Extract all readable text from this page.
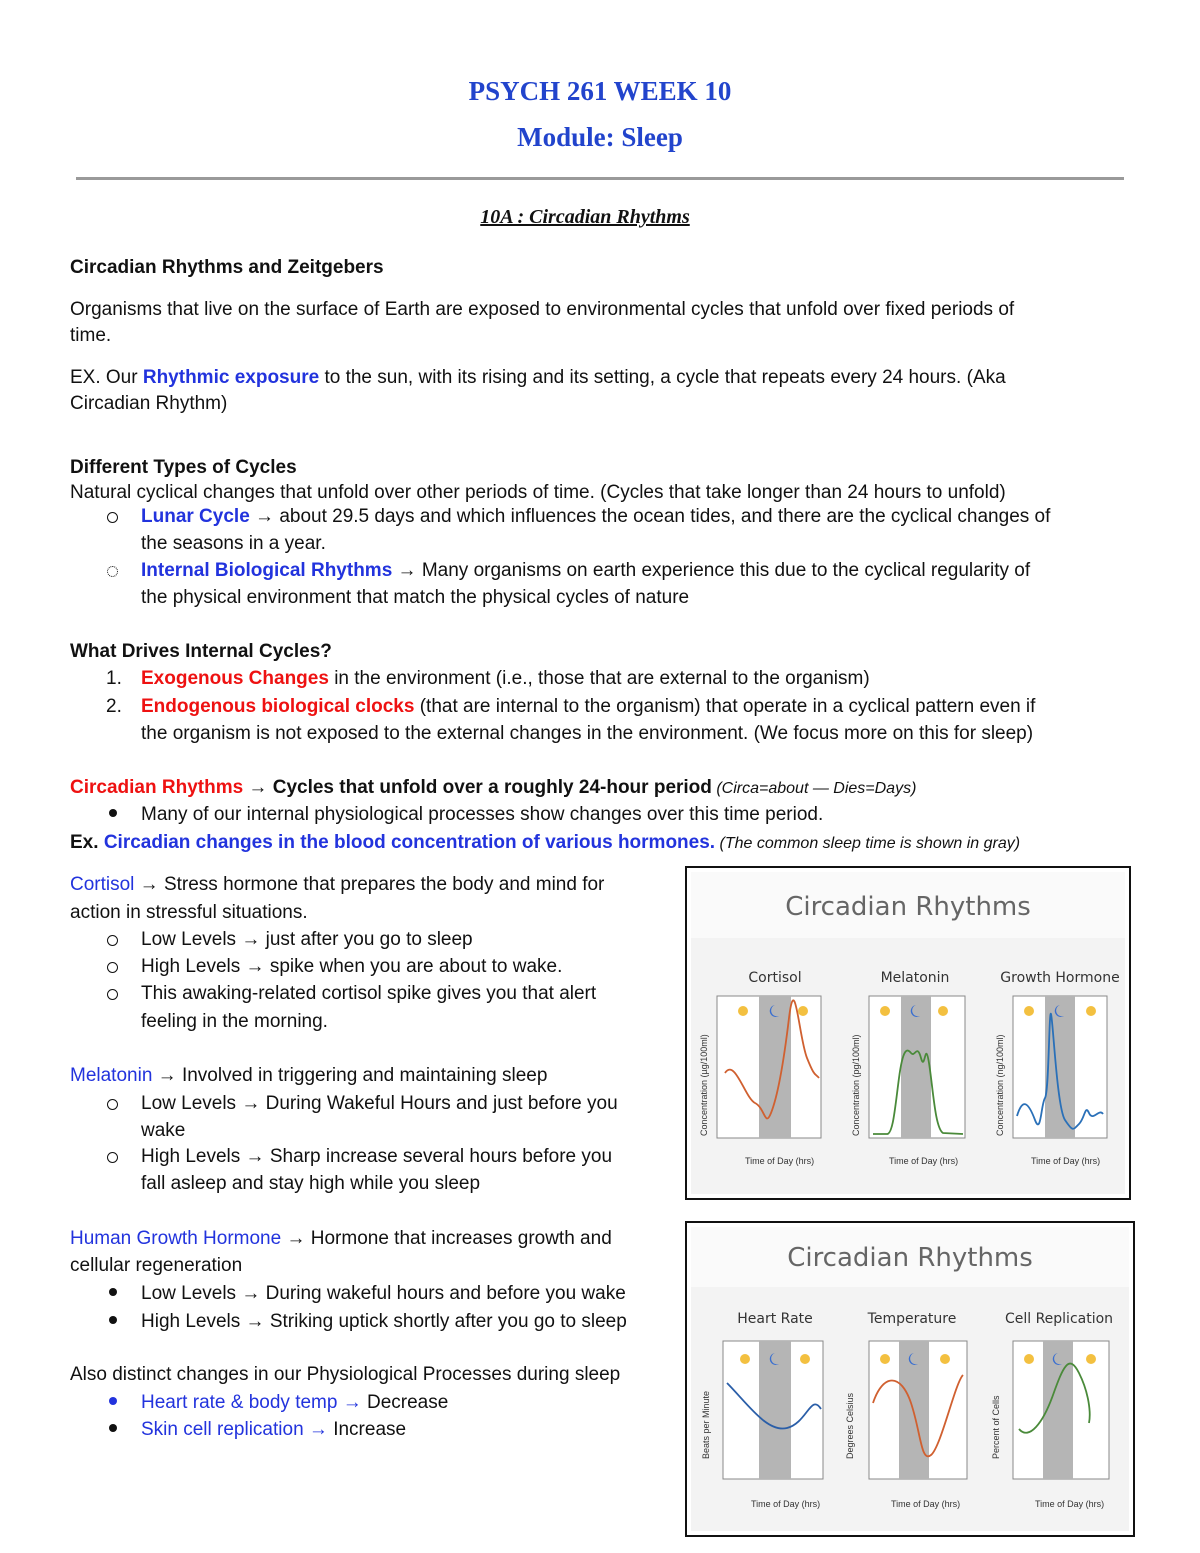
PSYCH 261 WEEK 10
Module: Sleep
10A : Circadian Rhythms
Circadian Rhythms and Zeitgebers
Organisms that live on the surface of Earth are exposed to environmental cycles that unfold over fixed periods of
time.
EX. Our Rhythmic exposure to the sun, with its rising and its setting, a cycle that repeats every 24 hours. (Aka
Circadian Rhythm)
Different Types of Cycles
Natural cyclical changes that unfold over other periods of time. (Cycles that take longer than 24 hours to unfold)
Lunar Cycle → about 29.5 days and which influences the ocean tides, and there are the cyclical changes of
the seasons in a year.
Internal Biological Rhythms → Many organisms on earth experience this due to the cyclical regularity of
the physical environment that match the physical cycles of nature
What Drives Internal Cycles?
1. Exogenous Changes in the environment (i.e., those that are external to the organism)
2. Endogenous biological clocks (that are internal to the organism) that operate in a cyclical pattern even if
the organism is not exposed to the external changes in the environment. (We focus more on this for sleep)
Circadian Rhythms → Cycles that unfold over a roughly 24-hour period (Circa=about — Dies=Days)
Many of our internal physiological processes show changes over this time period.
Ex. Circadian changes in the blood concentration of various hormones. (The common sleep time is shown in gray)
Cortisol → Stress hormone that prepares the body and mind for
action in stressful situations.
Low Levels → just after you go to sleep
High Levels → spike when you are about to wake.
This awaking-related cortisol spike gives you that alert
feeling in the morning.
Melatonin → Involved in triggering and maintaining sleep
Low Levels → During Wakeful Hours and just before you
wake
High Levels → Sharp increase several hours before you
fall asleep and stay high while you sleep
Human Growth Hormone → Hormone that increases growth and
cellular regeneration
Low Levels → During wakeful hours and before you wake
High Levels → Striking uptick shortly after you go to sleep
Also distinct changes in our Physiological Processes during sleep
Heart rate & body temp → Decrease
Skin cell replication → Increase
Circadian Rhythms
Cortisol	Melatonin	Growth Hormone
Concentration (µg/100ml)	Concentration (pg/100ml)	Concentration (ng/100ml)
Time of Day (hrs)	Time of Day (hrs)	Time of Day (hrs)
Circadian Rhythms
Heart Rate	Temperature	Cell Replication
Beats per Minute	Degrees Celsius	Percent of Cells
Time of Day (hrs)	Time of Day (hrs)	Time of Day (hrs)
